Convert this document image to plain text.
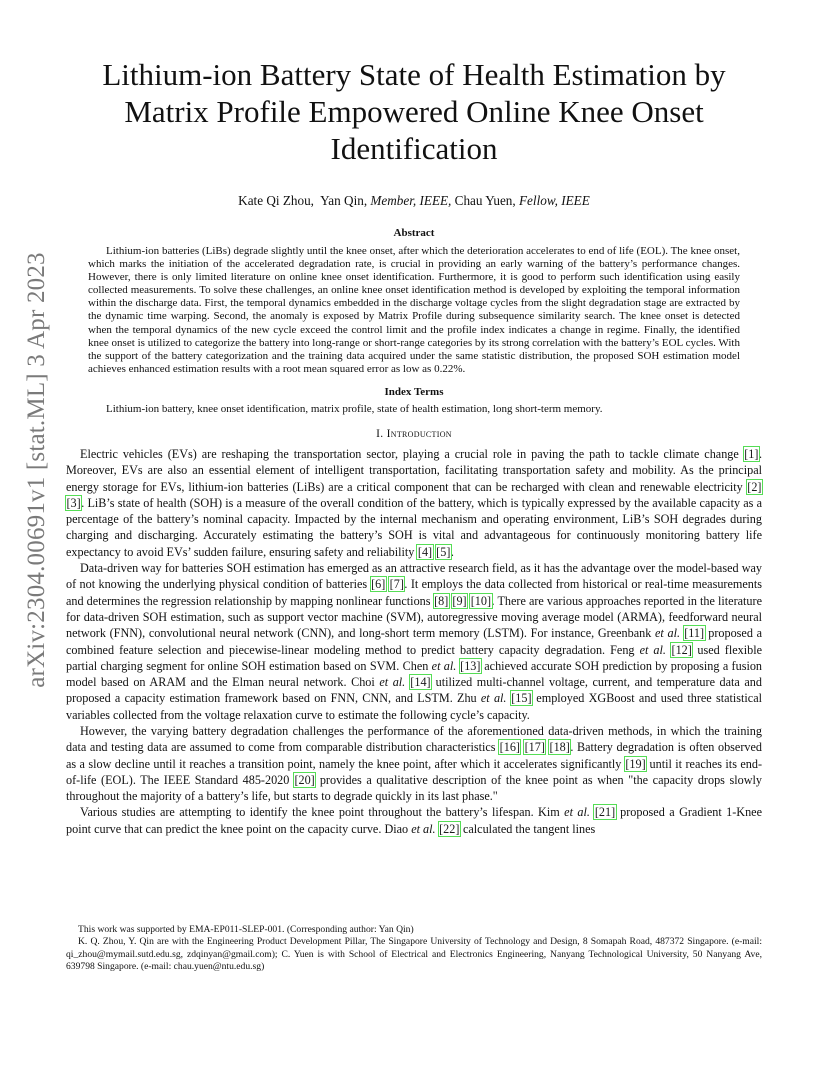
arXiv:2304.00691v1 [stat.ML] 3 Apr 2023
Lithium-ion Battery State of Health Estimation by Matrix Profile Empowered Online Knee Onset Identification
Kate Qi Zhou, Yan Qin, Member, IEEE, Chau Yuen, Fellow, IEEE
Abstract
Lithium-ion batteries (LiBs) degrade slightly until the knee onset, after which the deterioration accelerates to end of life (EOL). The knee onset, which marks the initiation of the accelerated degradation rate, is crucial in providing an early warning of the battery’s performance changes. However, there is only limited literature on online knee onset identification. Furthermore, it is good to perform such identification using easily collected measurements. To solve these challenges, an online knee onset identification method is developed by exploiting the temporal information within the discharge data. First, the temporal dynamics embedded in the discharge voltage cycles from the slight degradation stage are extracted by the dynamic time warping. Second, the anomaly is exposed by Matrix Profile during subsequence similarity search. The knee onset is detected when the temporal dynamics of the new cycle exceed the control limit and the profile index indicates a change in regime. Finally, the identified knee onset is utilized to categorize the battery into long-range or short-range categories by its strong correlation with the battery’s EOL cycles. With the support of the battery categorization and the training data acquired under the same statistic distribution, the proposed SOH estimation model achieves enhanced estimation results with a root mean squared error as low as 0.22%.
Index Terms
Lithium-ion battery, knee onset identification, matrix profile, state of health estimation, long short-term memory.
I. Introduction

Electric vehicles (EVs) are reshaping the transportation sector, playing a crucial role in paving the path to tackle climate change [1]. Moreover, EVs are also an essential element of intelligent transportation, facilitating transportation safety and mobility. As the principal energy storage for EVs, lithium-ion batteries (LiBs) are a critical component that can be recharged with clean and renewable electricity [2] [3]. LiB’s state of health (SOH) is a measure of the overall condition of the battery, which is typically expressed by the available capacity as a percentage of the battery’s nominal capacity. Impacted by the internal mechanism and operating environment, LiB’s SOH degrades during charging and discharging. Accurately estimating the battery’s SOH is vital and advantageous for continuously monitoring battery life expectancy to avoid EVs’ sudden failure, ensuring safety and reliability [4] [5].

Data-driven way for batteries SOH estimation has emerged as an attractive research field, as it has the advantage over the model-based way of not knowing the underlying physical condition of batteries [6] [7]. It employs the data collected from historical or real-time measurements and determines the regression relationship by mapping nonlinear functions [8] [9] [10]. There are various approaches reported in the literature for data-driven SOH estimation, such as support vector machine (SVM), autoregressive moving average model (ARMA), feedforward neural network (FNN), convolutional neural network (CNN), and long-short term memory (LSTM). For instance, Greenbank et al. [11] proposed a combined feature selection and piecewise-linear modeling method to predict battery capacity degradation. Feng et al. [12] used flexible partial charging segment for online SOH estimation based on SVM. Chen et al. [13] achieved accurate SOH prediction by proposing a fusion model based on ARAM and the Elman neural network. Choi et al. [14] utilized multi-channel voltage, current, and temperature data and proposed a capacity estimation framework based on FNN, CNN, and LSTM. Zhu et al. [15] employed XGBoost and used three statistical variables collected from the voltage relaxation curve to estimate the following cycle’s capacity.

However, the varying battery degradation challenges the performance of the aforementioned data-driven methods, in which the training data and testing data are assumed to come from comparable distribution characteristics [16] [17] [18]. Battery degradation is often observed as a slow decline until it reaches a transition point, namely the knee point, after which it accelerates significantly [19] until it reaches its end-of-life (EOL). The IEEE Standard 485-2020 [20] provides a qualitative description of the knee point as when "the capacity drops slowly throughout the majority of a battery’s life, but starts to degrade quickly in its last phase."

Various studies are attempting to identify the knee point throughout the battery’s lifespan. Kim et al. [21] proposed a Gradient 1-Knee point curve that can predict the knee point on the capacity curve. Diao et al. [22] calculated the tangent lines

This work was supported by EMA-EP011-SLEP-001. (Corresponding author: Yan Qin)

K. Q. Zhou, Y. Qin are with the Engineering Product Development Pillar, The Singapore University of Technology and Design, 8 Somapah Road, 487372 Singapore. (e-mail: qi_zhou@mymail.sutd.edu.sg, zdqinyan@gmail.com); C. Yuen is with School of Electrical and Electronics Engineering, Nanyang Technological University, 50 Nanyang Ave, 639798 Singapore. (e-mail: chau.yuen@ntu.edu.sg)
